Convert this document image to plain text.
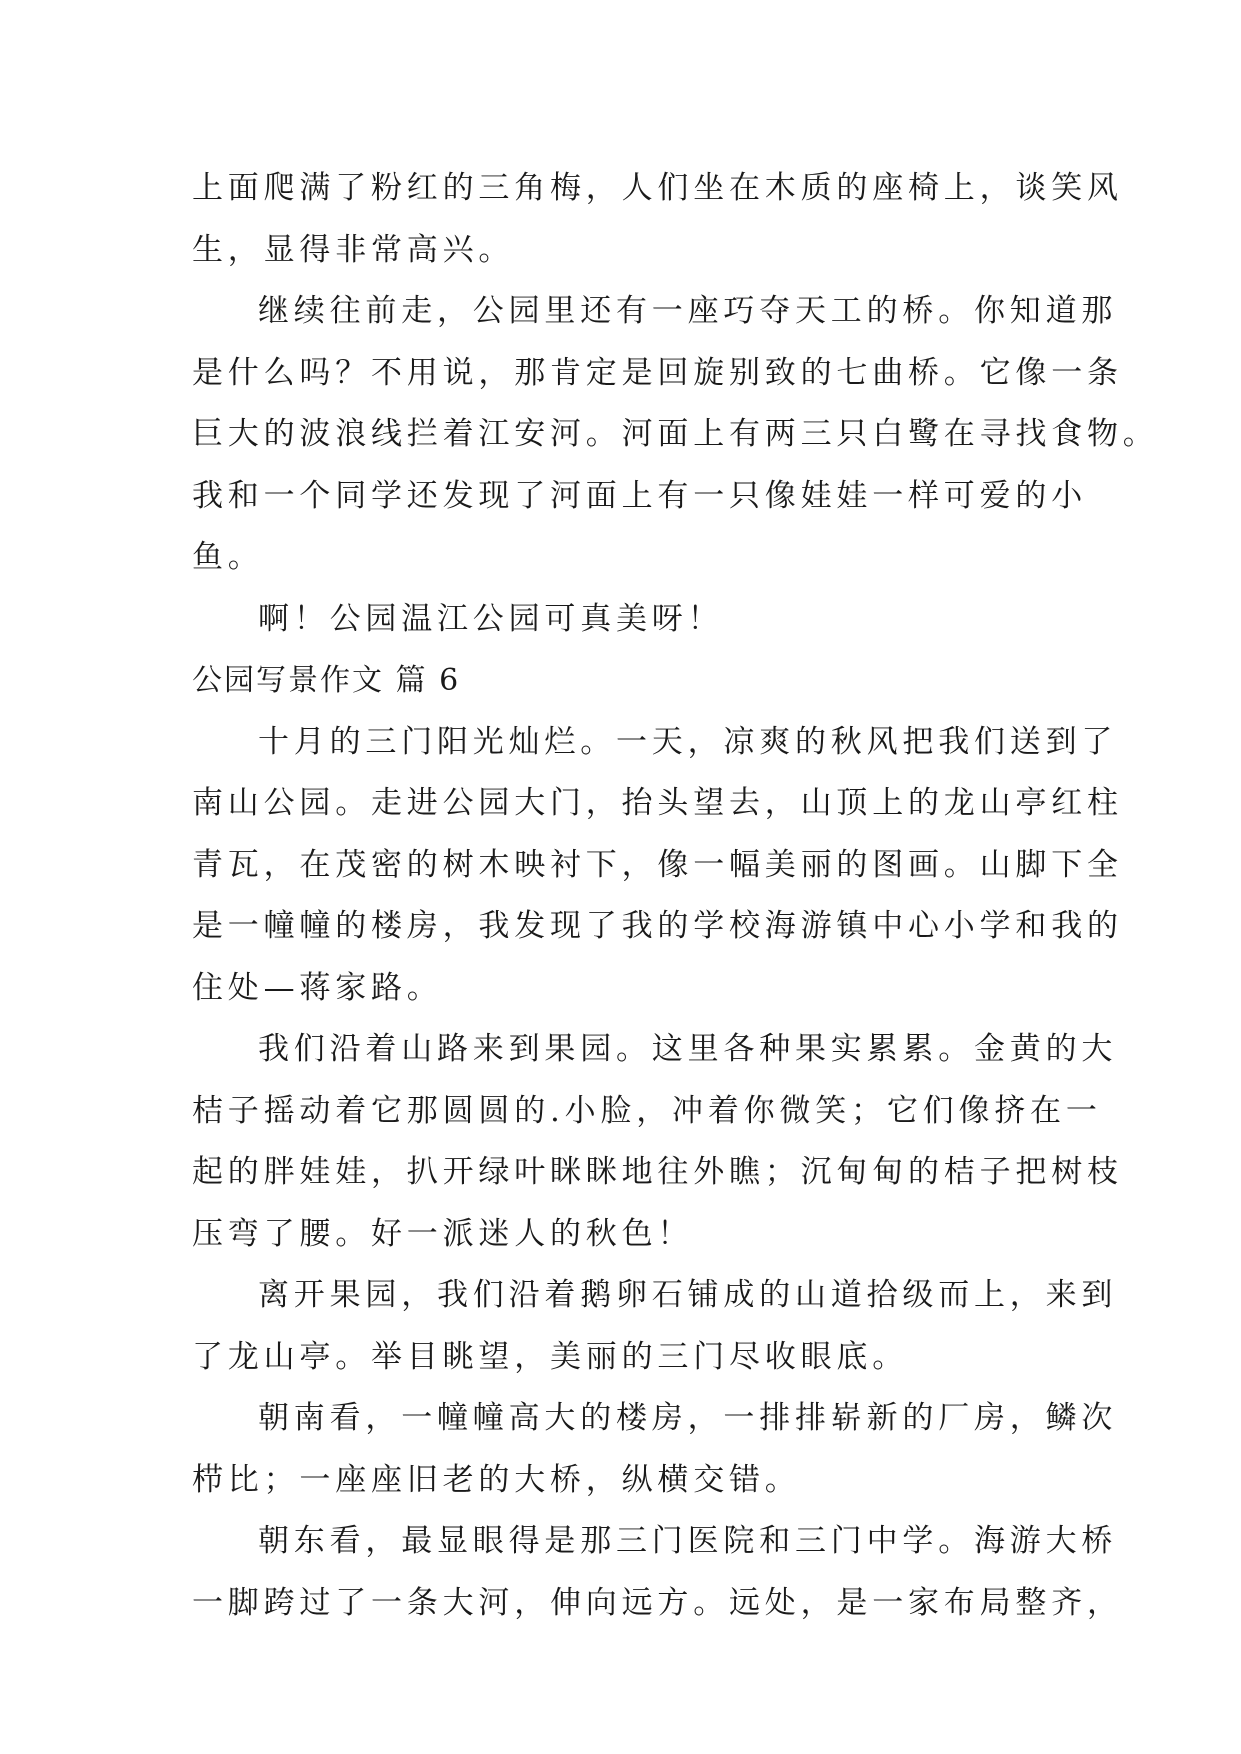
上面爬满了粉红的三角梅，人们坐在木质的座椅上，谈笑风
生，显得非常高兴。
继续往前走，公园里还有一座巧夺天工的桥。你知道那
是什么吗？不用说，那肯定是回旋别致的七曲桥。它像一条
巨大的波浪线拦着江安河。河面上有两三只白鹭在寻找食物。
我和一个同学还发现了河面上有一只像娃娃一样可爱的小
鱼。
啊！公园温江公园可真美呀！
公园写景作文 篇 6
十月的三门阳光灿烂。一天，凉爽的秋风把我们送到了
南山公园。走进公园大门，抬头望去，山顶上的龙山亭红柱
青瓦，在茂密的树木映衬下，像一幅美丽的图画。山脚下全
是一幢幢的楼房，我发现了我的学校海游镇中心小学和我的
住处—蒋家路。
我们沿着山路来到果园。这里各种果实累累。金黄的大
桔子摇动着它那圆圆的.小脸，冲着你微笑；它们像挤在一
起的胖娃娃，扒开绿叶眯眯地往外瞧；沉甸甸的桔子把树枝
压弯了腰。好一派迷人的秋色！
离开果园，我们沿着鹅卵石铺成的山道拾级而上，来到
了龙山亭。举目眺望，美丽的三门尽收眼底。
朝南看，一幢幢高大的楼房，一排排崭新的厂房，鳞次
栉比；一座座旧老的大桥，纵横交错。
朝东看，最显眼得是那三门医院和三门中学。海游大桥
一脚跨过了一条大河，伸向远方。远处，是一家布局整齐，
